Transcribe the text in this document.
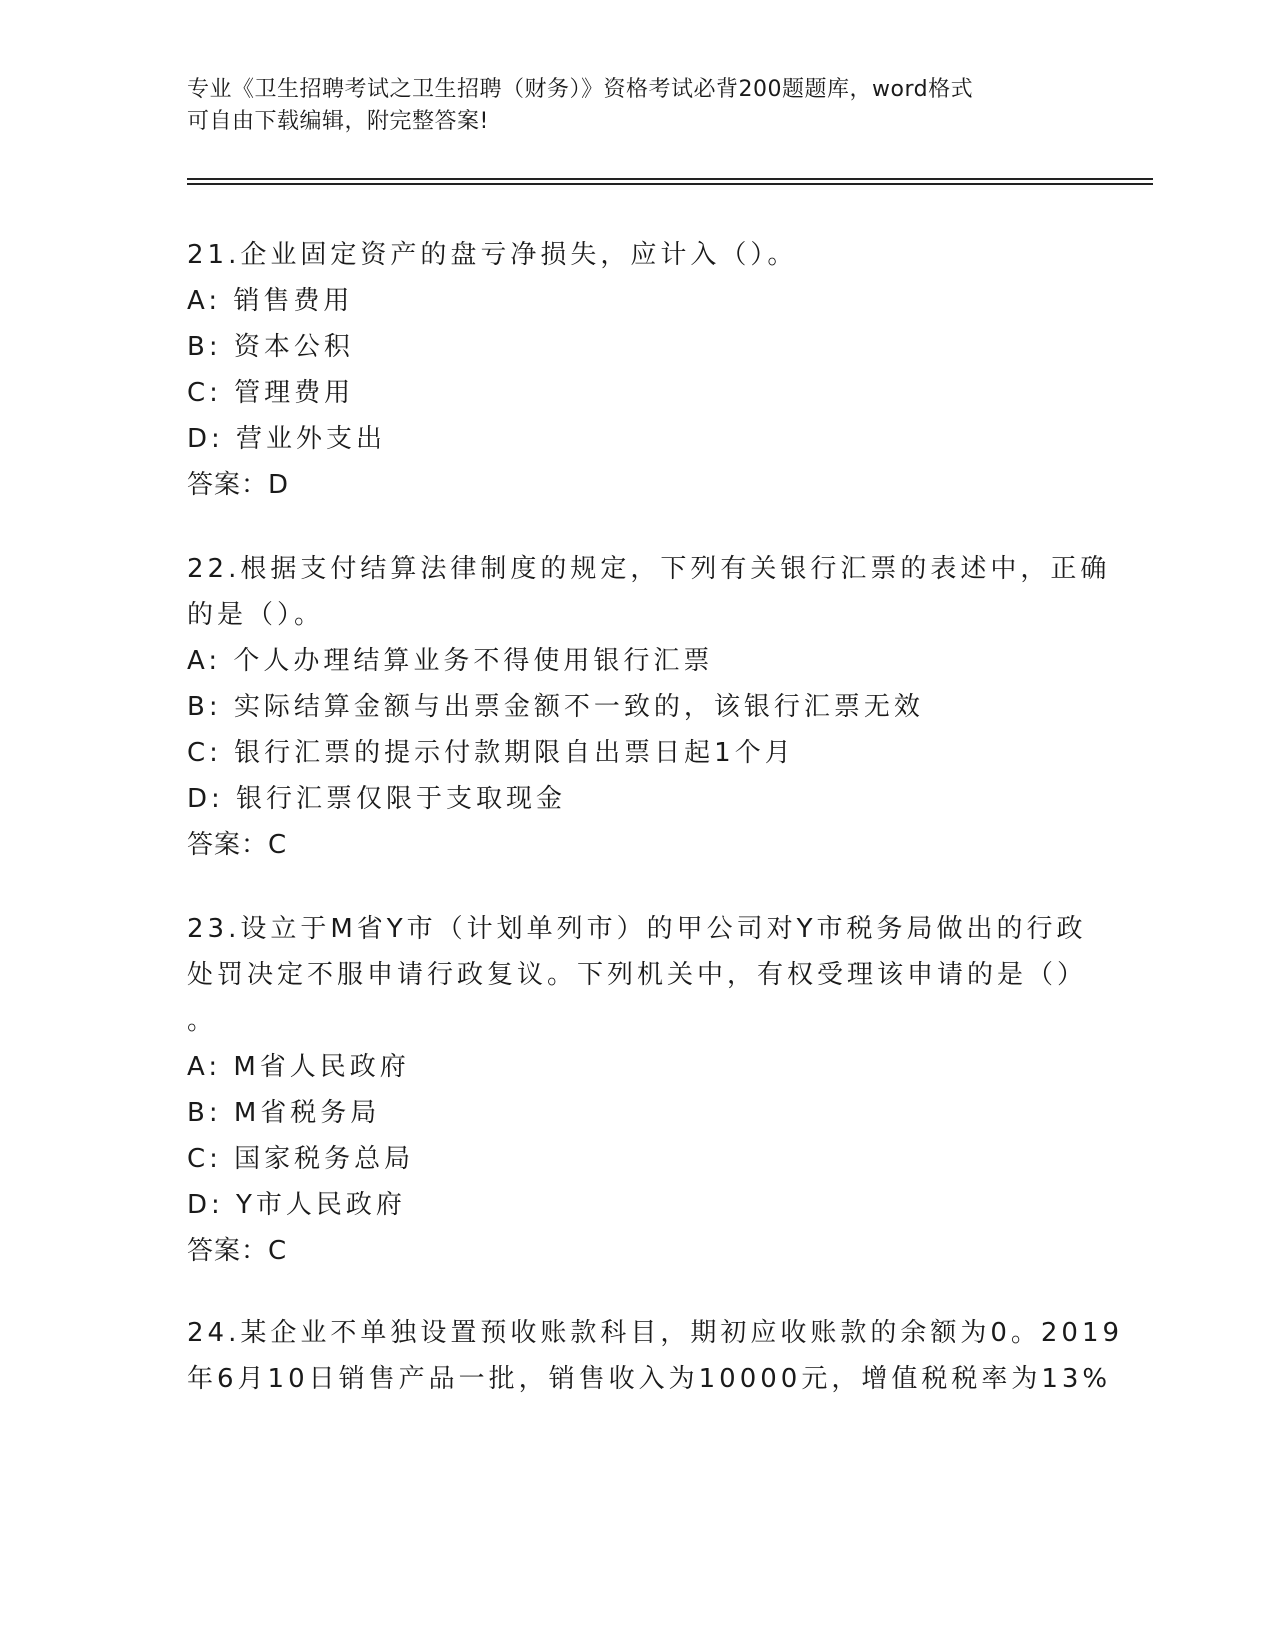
专业《卫生招聘考试之卫生招聘（财务）》资格考试必背200题题库，word格式
可自由下载编辑，附完整答案!
21.企业固定资产的盘亏净损失，应计入（）。
A: 销售费用
B: 资本公积
C: 管理费用
D: 营业外支出
答案：D
22.根据支付结算法律制度的规定，下列有关银行汇票的表述中，正确
的是（）。
A: 个人办理结算业务不得使用银行汇票
B: 实际结算金额与出票金额不一致的，该银行汇票无效
C: 银行汇票的提示付款期限自出票日起1个月
D: 银行汇票仅限于支取现金
答案：C
23.设立于M省Y市（计划单列市）的甲公司对Y市税务局做出的行政
处罚决定不服申请行政复议。下列机关中，有权受理该申请的是（）
。
A: M省人民政府
B: M省税务局
C: 国家税务总局
D: Y市人民政府
答案：C
24.某企业不单独设置预收账款科目，期初应收账款的余额为0。2019
年6月10日销售产品一批，销售收入为10000元，增值税税率为13%
